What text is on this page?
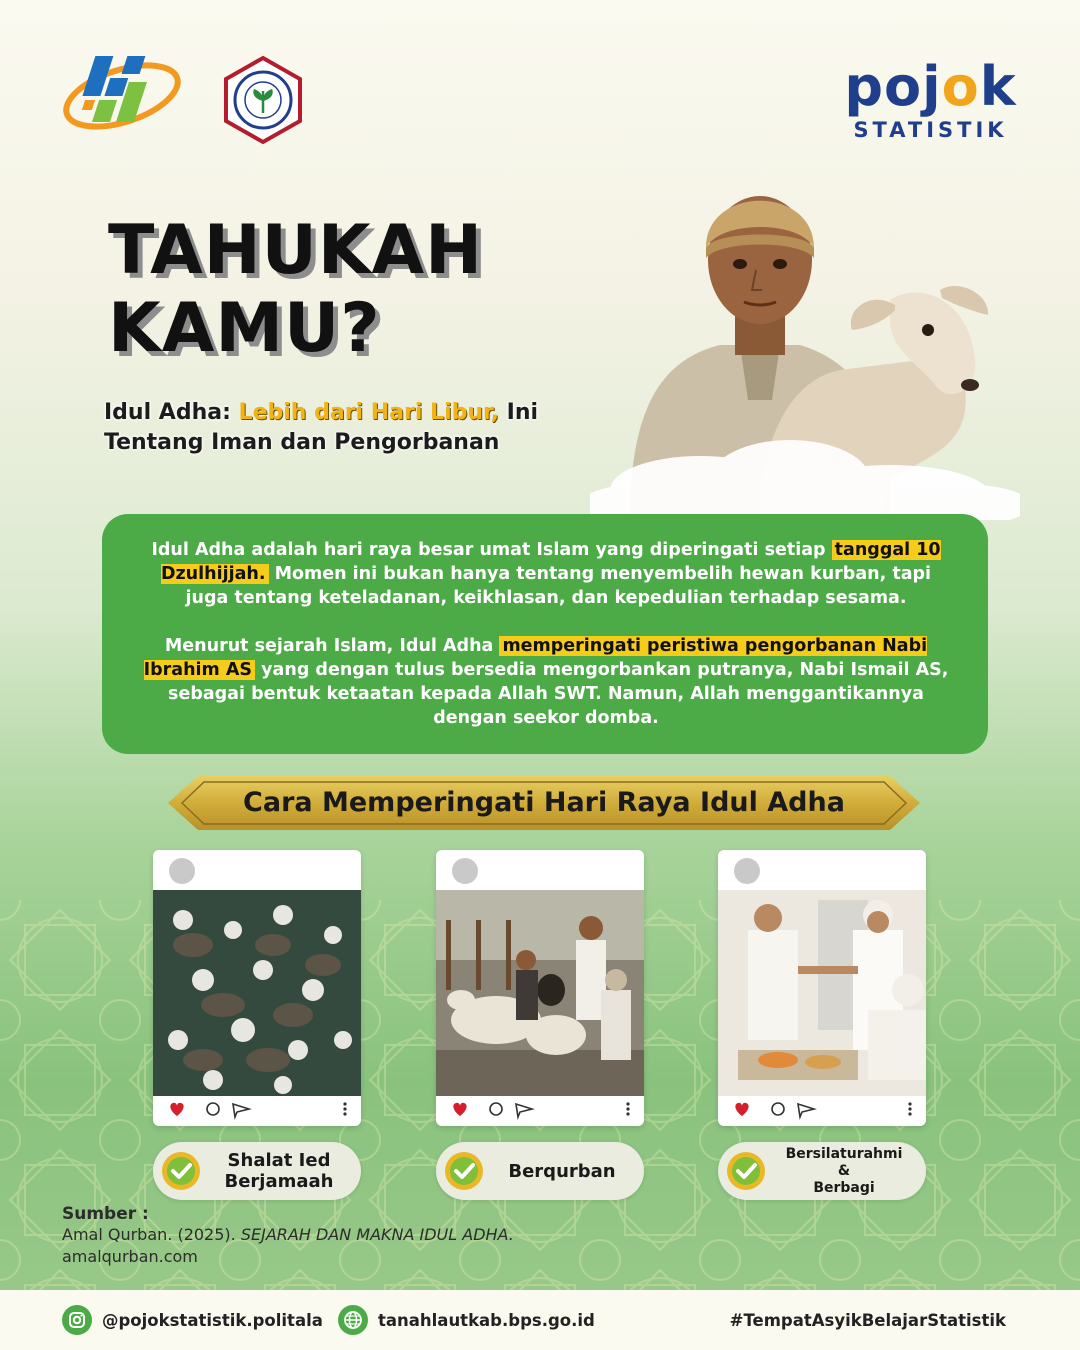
pojok
STATISTIK
TAHUKAH
KAMU?
Idul Adha: Lebih dari Hari Libur, Ini Tentang Iman dan Pengorbanan

Idul Adha adalah hari raya besar umat Islam yang diperingati setiap tanggal 10 Dzulhijjah. Momen ini bukan hanya tentang menyembelih hewan kurban, tapi juga tentang keteladanan, keikhlasan, dan kepedulian terhadap sesama.

Menurut sejarah Islam, Idul Adha memperingati peristiwa pengorbanan Nabi Ibrahim AS yang dengan tulus bersedia mengorbankan putranya, Nabi Ismail AS, sebagai bentuk ketaatan kepada Allah SWT. Namun, Allah menggantikannya dengan seekor domba.

Cara Memperingati Hari Raya Idul Adha
Shalat Ied
Berjamaah	Berqurban
Bersilaturahmi
&
Berbagi
Sumber :
Amal Qurban. (2025). SEJARAH DAN MAKNA IDUL ADHA.
amalqurban.com
@pojokstatistik.politala	tanahlautkab.bps.go.id	#TempatAsyikBelajarStatistik
